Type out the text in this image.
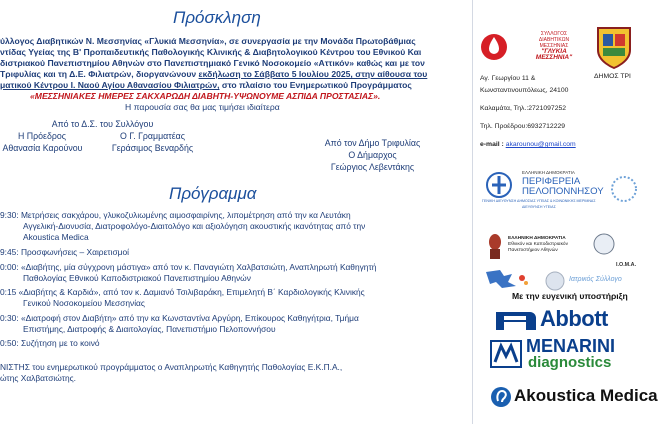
Πρόσκληση
ύλλογος Διαβητικών Ν. Μεσσηνίας «Γλυκιά Μεσσηνία», σε συνεργασία με την Μονάδα Πρωτοβάθμιας
ντίδας Υγείας της Β' Προπαιδευτικής Παθολογικής Κλινικής & Διαβητολογικού Κέντρου του Εθνικού Και
διστριακού Πανεπιστημίου Αθηνών στο Πανεπιστημιακό Γενικό Νοσοκομείο «Αττικόν» καθώς και με τον
Τριφυλίας και τη Δ.Ε. Φιλιατρών, διοργανώνουν εκδήλωση το Σάββατο 5 Ιουλίου 2025, στην αίθουσα του
ματικού Κέντρου Ι. Ναού Αγίου Αθανασίου Φιλιατρών, στο πλαίσιο του Ενημερωτικού Προγράμματος
«ΜΕΣΣΗΝΙΑΚΕΣ ΗΜΕΡΕΣ ΣΑΚΧΑΡΩΔΗ ΔΙΑΒΗΤΗ-ΥΨΩΝΟΥΜΕ ΑΣΠΙΔΑ ΠΡΟΣΤΑΣΙΑΣ».
Η παρουσία σας θα μας τιμήσει ιδιαίτερα
Από το Δ.Σ. του Συλλόγου
Η Πρόεδρος
Αθανασία Καρούνου
Ο Γ. Γραμματέας
Γεράσιμος Βεναρδής	Από τον Δήμο Τριφυλίας
Ο Δήμαρχος
Γεώργιος Λεβεντάκης
Πρόγραμμα
9:30: Μετρήσεις σακχάρου, γλυκοζυλιωμένης αιμοσφαιρίνης, λιπομέτρηση από την κα Λευτάκη
Αγγελική-Διονυσία, Διατροφολόγο-Διαιτολόγο και αξιολόγηση ακουστικής ικανότητας από την
Akoustica Medica
9:45: Προσφωνήσεις – Χαιρετισμοί
0:00: «Διαβήτης, μία σύγχρονη μάστιγα» από τον κ. Παναγιώτη Χαλβατσιώτη, Αναπληρωτή Καθηγητή
Παθολογίας Εθνικού Καποδιστριακού Πανεπιστημίου Αθηνών
0:15 «Διαβήτης & Καρδιά», από τον κ. Δαμιανό Τσιλιβαράκη, Επιμελητή Β΄ Καρδιολογικής Κλινικής
Γενικού Νοσοκομείου Μεσσηνίας
0:30: «Διατροφή στον Διαβήτη» από την κα Κωνσταντίνα Αργύρη, Επίκουρος Καθηγήτρια, Τμήμα
Επιστήμης, Διατροφής & Διαιτολογίας, Πανεπιστήμιο Πελοποννήσου
0:50: Συζήτηση με το κοινό
ΝΙΣΤΗΣ του ενημερωτικού προγράμματος ο Αναπληρωτής Καθηγητής Παθολογίας Ε.Κ.Π.Α.,
ώτης Χαλβατσιώτης.
ΣΥΛΛΟΓΟΣ
ΔΙΑΒΗΤΙΚΩΝ
ΜΕΣΣΗΝΙΑΣ
"ΓΛΥΚΙΑ ΜΕΣΣΗΝΙΑ"
ΔΗΜΟΣ ΤΡΙ
Αγ. Γεωργίου 11 &
Κωνσταντινουπόλεως, 24100
Καλαμάτα, Τηλ.:2721097252
Τηλ. Προέδρου:6932712229
e-mail : akarounou@gmail.com
ΕΛΛΗΝΙΚΗ ΔΗΜΟΚΡΑΤΙΑ
ΠΕΡΙΦΕΡΕΙΑ
ΠΕΛΟΠΟΝΝΗΣΟΥ
ΓΕΝΙΚΗ ΔΙΕΥΘΥΝΣΗ ΔΗΜΟΣΙΑΣ ΥΓΕΙΑΣ & ΚΟΙΝΩΝΙΚΗΣ ΜΕΡΙΜΝΑΣ
ΔΙΕΥΘΥΝΣΗ ΥΓΕΙΑΣ
ΕΛΛΗΝΙΚΗ ΔΗΜΟΚΡΑΤΙΑ
Εθνικόν και Καποδιστριακόν
Πανεπιστήμιον Αθηνών
Ι.Ο.Μ.Α.
Ιατρικός Σύλλογο
Με την ευγενική υποστήριξη
Abbott
MENARINI
diagnostics
Akoustica Medica
